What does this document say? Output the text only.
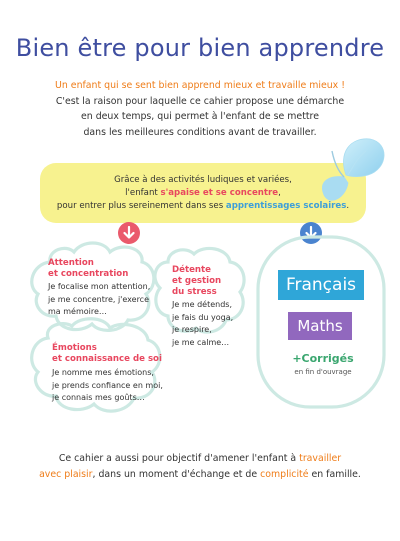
Bien être pour bien apprendre
Un enfant qui se sent bien apprend mieux et travaille mieux !
C'est la raison pour laquelle ce cahier propose une démarche
en deux temps, qui permet à l'enfant de se mettre
dans les meilleures conditions avant de travailler.
Grâce à des activités ludiques et variées,
l'enfant s'apaise et se concentre,
pour entrer plus sereinement dans ses apprentissages scolaires.
Attention
et concentration
Je focalise mon attention,
je me concentre, j'exerce
ma mémoire…
Détente
et gestion
du stress
Je me détends,
je fais du yoga,
je respire,
je me calme…
Émotions
et connaissance de soi
Je nomme mes émotions,
je prends confiance en moi,
je connais mes goûts…
Français
Maths
+Corrigés
en fin d'ouvrage
Ce cahier a aussi pour objectif d'amener l'enfant à travailler
avec plaisir, dans un moment d'échange et de complicité en famille.
